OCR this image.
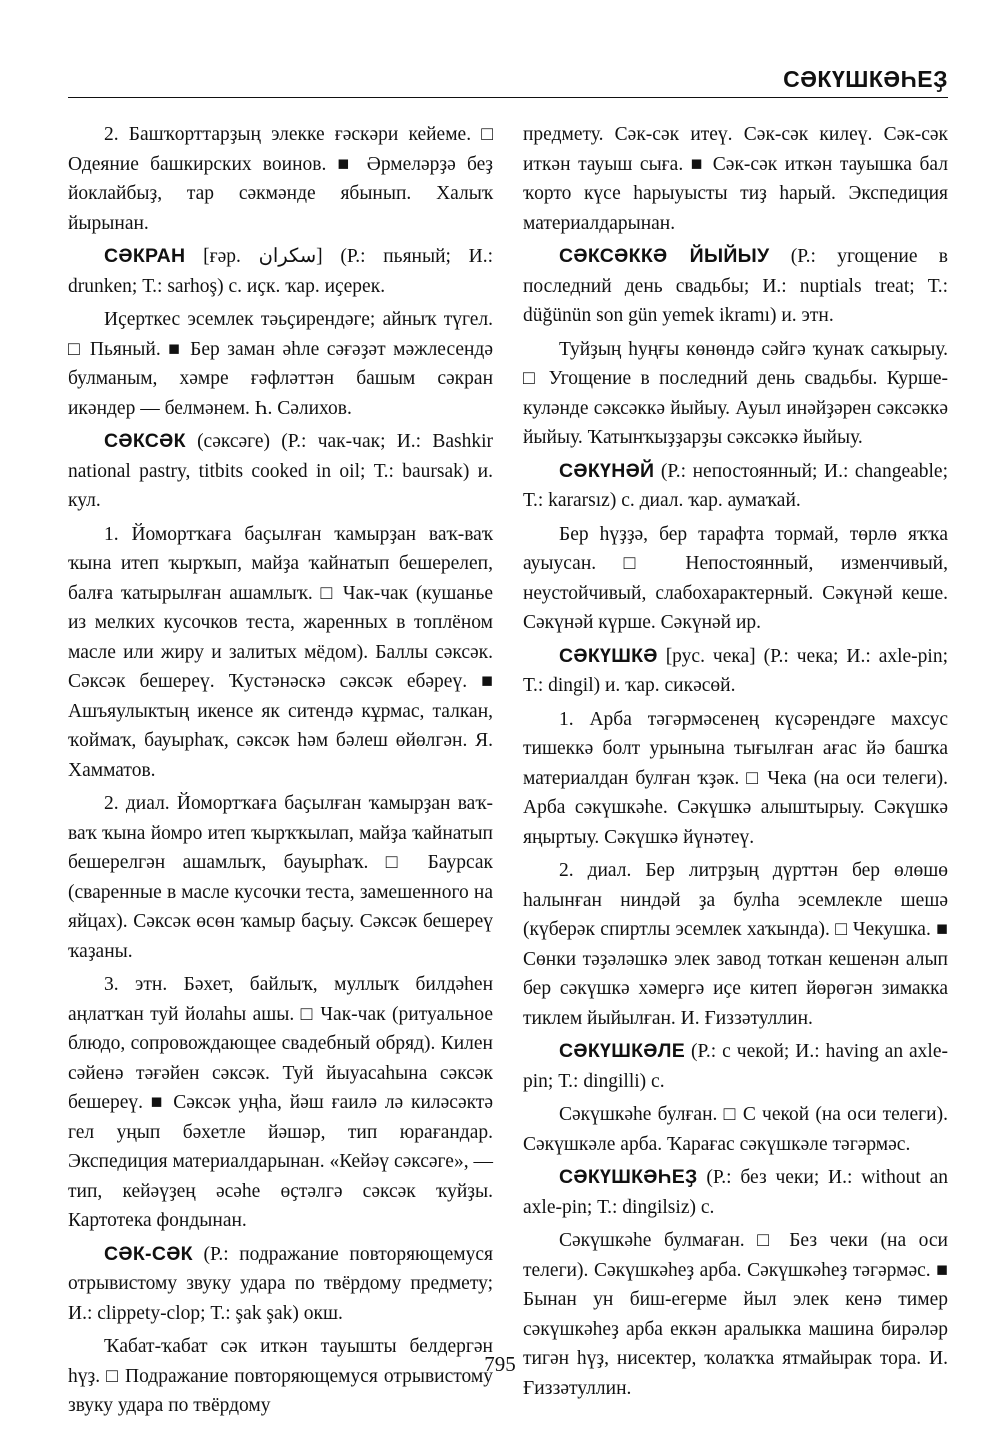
СӘКҮШКӘҺЕҘ

2. Башҡорттарҙың элекке ғәскәри кейеме. □ Одеяние башкирских воинов. ■ Әрмеләрҙә беҙ йоклайбыҙ, тар сәкмәнде ябынып. Халыҡ йырынан.

СӘКРАН [ғәр. سكران] (Р.: пьяный; И.: drunken; Т.: sarhoş) с. иҫк. ҡар. иҫерек.

Иҫерткес эсемлек тәьҫирендәге; айныҡ түгел. □ Пьяный. ■ Бер заман әһле сәғәҙәт мәжлесендә булманым, хәмре ғәфләттән башым сәкран икәндер — белмәнем. Һ. Сәлихов.

СӘКСӘК (сәксәге) (Р.: чак-чак; И.: Bashkir national pastry, titbits cooked in oil; Т.: baursak) и. кул.

1. Йомортҡаға баҫылған ҡамырҙан ваҡ-ваҡ ҡына итеп ҡырҡып, майҙа ҡайнатып бешерелеп, балға ҡатырылған ашамлыҡ. □ Чак-чак (кушанье из мелких кусочков теста, жаренных в топлёном масле или жиру и залитых мёдом). Баллы сәксәк. Сәксәк бешереү. Ҡустәнәскә сәксәк ебәреү. ■ Ашъяулыктың икенсе як ситендә кұрмас, талкан, ҡоймаҡ, бауырһаҡ, сәксәк һәм бәлеш өйөлгән. Я. Хамматов.

2. диал. Йомортҡаға баҫылған ҡамырҙан ваҡ-ваҡ ҡына йомро итеп ҡырҡҡылап, майҙа ҡайнатып бешерелгән ашамлыҡ, бауырһаҡ. □ Баурсак (сваренные в масле кусочки теста, замешенного на яйцах). Сәксәк өсөн ҡамыр баҫыу. Сәксәк бешереү ҡаҙаны.

3. этн. Бәхет, байлыҡ, муллыҡ билдәһен аңлатҡан туй йолаһы ашы. □ Чак-чак (ритуальное блюдо, сопровождающее свадебный обряд). Килен сәйенә тәғәйен сәксәк. Туй йыуасаһына сәксәк бешереү. ■ Сәксәк уңһа, йәш ғаилә лә киләсәктә гел уңып бәхетле йәшәр, тип юрағандар. Экспедиция материалдарынан. «Кейәү сәксәге», — тип, кейәүҙең әсәһе өҫтәлгә сәксәк ҡуйҙы. Картотека фондынан.

СӘК-СӘК (Р.: подражание повторяющемуся отрывистому звуку удара по твёрдому предмету; И.: clippety-clop; Т.: şak şak) окш.

Ҡабат-ҡабат сәк иткән тауышты белдергән һүҙ. □ Подражание повторяющемуся отрывистому звуку удара по твёрдому

предмету. Сәк-сәк итеү. Сәк-сәк килеү. Сәк-сәк иткән тауыш сыға. ■ Сәк-сәк иткән тауышка бал ҡорто күсе һарыуысты тиҙ һарый. Экспедиция материалдарынан.

СӘКСӘККӘ ЙЫЙЫУ (Р.: угощение в последний день свадьбы; И.: nuptials treat; Т.: düğünün son gün yemek ikramı) и. этн.

Туйҙың һуңғы көнөндә сәйгә ҡунаҡ саҡырыу. □ Угощение в последний день свадьбы. Курше-куләнде сәксәккә йыйыу. Ауыл инәйҙәрен сәксәккә йыйыу. Ҡатынҡыҙҙарҙы сәксәккә йыйыу.

СӘКҮНӘЙ (Р.: непостоянный; И.: changeable; Т.: kararsız) с. диал. ҡар. аумаҡай.

Бер һүҙҙә, бер тарафта тормай, төрлө яҡҡа ауыусан. □ Непостоянный, изменчивый, неустойчивый, слабохарактерный. Сәкүнәй кеше. Сәкүнәй күрше. Сәкүнәй ир.

СӘКҮШКӘ [рус. чека] (Р.: чека; И.: axle-pin; Т.: dingil) и. ҡар. сикәсөй.

1. Арба тәгәрмәсенең күсәрендәге махсус тишеккә болт урынына тығылған ағас йә башҡа материалдан булған ҡҙәк. □ Чека (на оси телеги). Арба сәкүшкәһе. Сәкүшкә алыштырыу. Сәкүшкә яңыртыу. Сәкүшкә йүнәтеү.

2. диал. Бер литрҙың дүрттән бер өлөшө һалынған ниндәй ҙа булһа эсемлекле шешә (күберәк спиртлы эсемлек хаҡында). □ Чекушка. ■ Сөнки тәҙәләшкә элек завод тоткан кешенән алып бер сәкүшкә хәмергә иҫе китеп йөрөгән зимакка тиклем йыйылған. И. Ғиззәтуллин.

СӘКҮШКӘЛЕ (Р.: с чекой; И.: having an axle-pin; Т.: dingilli) с.

Сәкүшкәһе булған. □ С чекой (на оси телеги). Сәкүшкәле арба. Ҡарағас сәкүшкәле тәгәрмәс.

СӘКҮШКӘҺЕҘ (Р.: без чеки; И.: without an axle-pin; Т.: dingilsiz) с.

Сәкүшкәһе булмаған. □ Без чеки (на оси телеги). Сәкүшкәһеҙ арба. Сәкүшкәһеҙ тәгәрмәс. ■ Бынан ун биш-егерме йыл элек кенә тимер сәкүшкәһеҙ арба еккән аралыкка машина бирәләр тигән һүҙ, нисектер, ҡолаҡҡа ятмайырак тора. И. Ғиззәтуллин.

795
